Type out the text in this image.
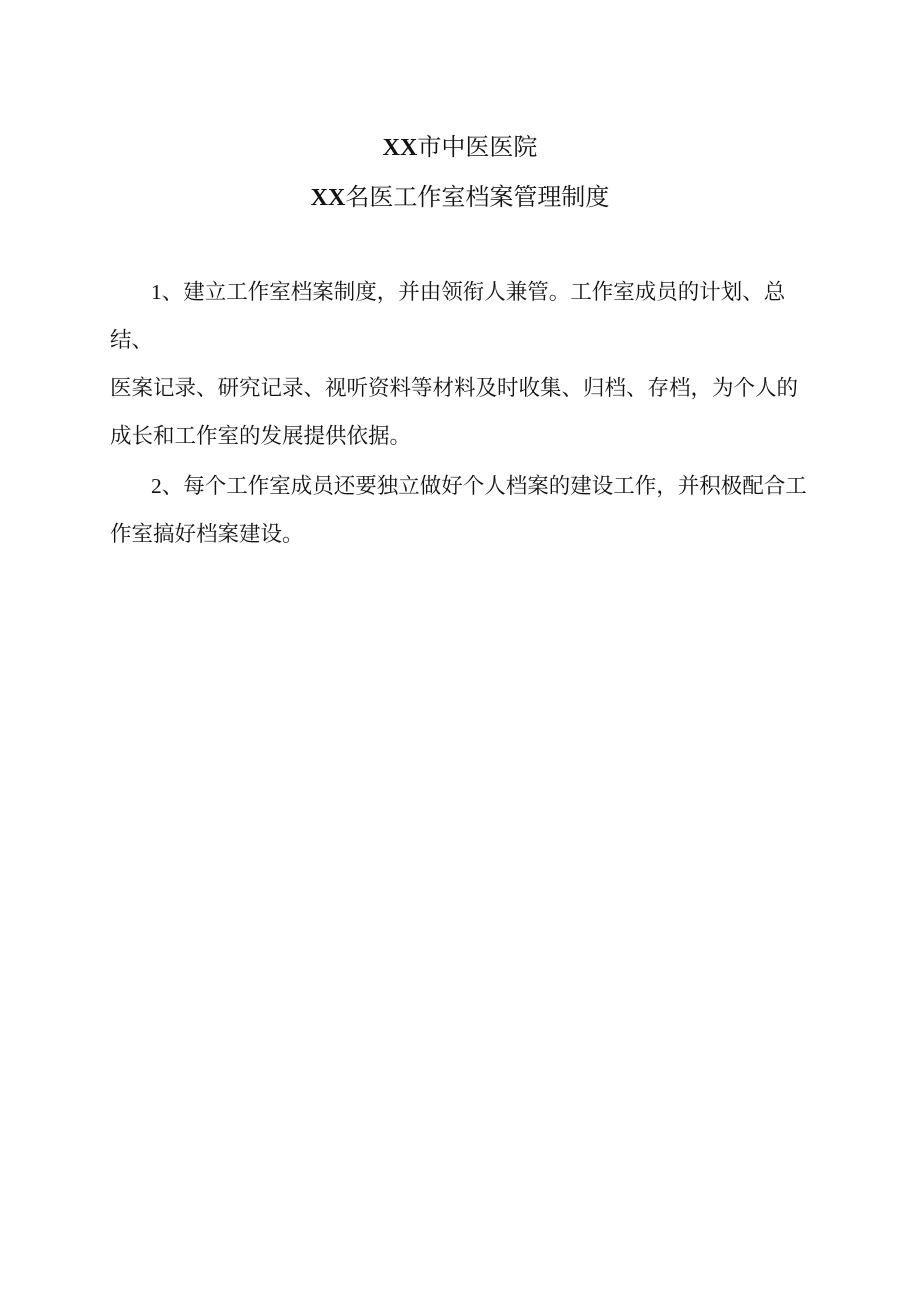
XX市中医医院
XX名医工作室档案管理制度
1、建立工作室档案制度，并由领衔人兼管。工作室成员的计划、总
结、
医案记录、研究记录、视听资料等材料及时收集、归档、存档，为个人的
成长和工作室的发展提供依据。
2、每个工作室成员还要独立做好个人档案的建设工作，并积极配合工
作室搞好档案建设。
